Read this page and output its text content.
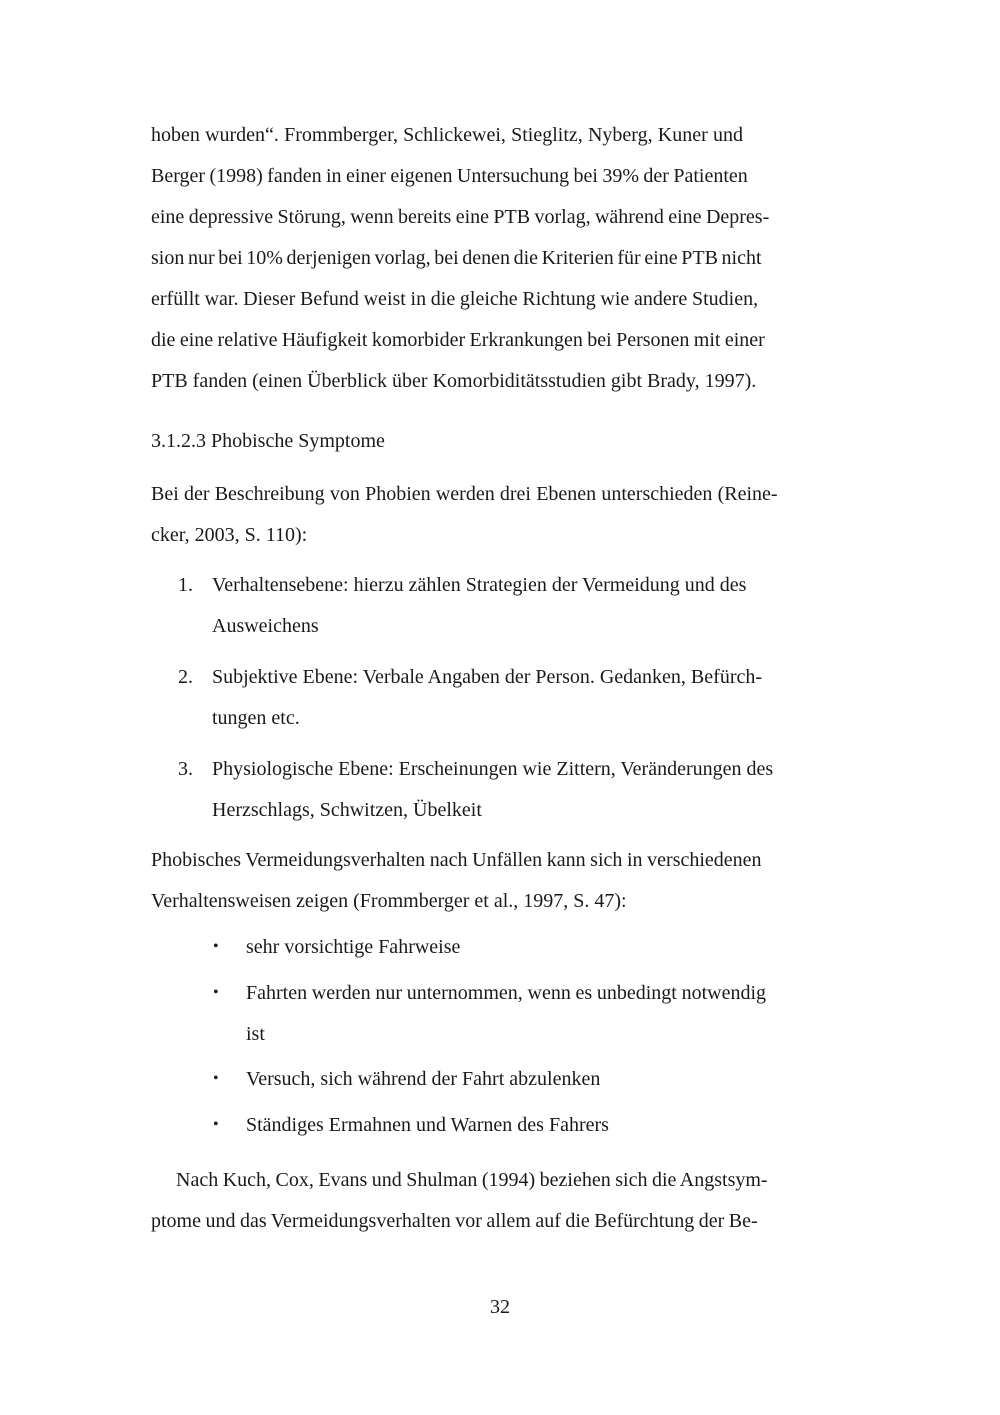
hoben wurden“. Frommberger, Schlickewei, Stieglitz, Nyberg, Kuner und
Berger (1998) fanden in einer eigenen Untersuchung bei 39% der Patienten
eine depressive Störung, wenn bereits eine PTB vorlag, während eine Depres-
sion nur bei 10% derjenigen vorlag, bei denen die Kriterien für eine PTB nicht
erfüllt war. Dieser Befund weist in die gleiche Richtung wie andere Studien,
die eine relative Häufigkeit komorbider Erkrankungen bei Personen mit einer
PTB fanden (einen Überblick über Komorbiditätsstudien gibt Brady, 1997).
3.1.2.3 Phobische Symptome
Bei der Beschreibung von Phobien werden drei Ebenen unterschieden (Reine-
cker, 2003, S. 110):
1. Verhaltensebene: hierzu zählen Strategien der Vermeidung und des
Ausweichens
2. Subjektive Ebene: Verbale Angaben der Person. Gedanken, Befürch-
tungen etc.
3. Physiologische Ebene: Erscheinungen wie Zittern, Veränderungen des
Herzschlags, Schwitzen, Übelkeit
Phobisches Vermeidungsverhalten nach Unfällen kann sich in verschiedenen
Verhaltensweisen zeigen (Frommberger et al., 1997, S. 47):
• sehr vorsichtige Fahrweise
• Fahrten werden nur unternommen, wenn es unbedingt notwendig
ist
• Versuch, sich während der Fahrt abzulenken
• Ständiges Ermahnen und Warnen des Fahrers
Nach Kuch, Cox, Evans und Shulman (1994) beziehen sich die Angstsym-
ptome und das Vermeidungsverhalten vor allem auf die Befürchtung der Be-
32
